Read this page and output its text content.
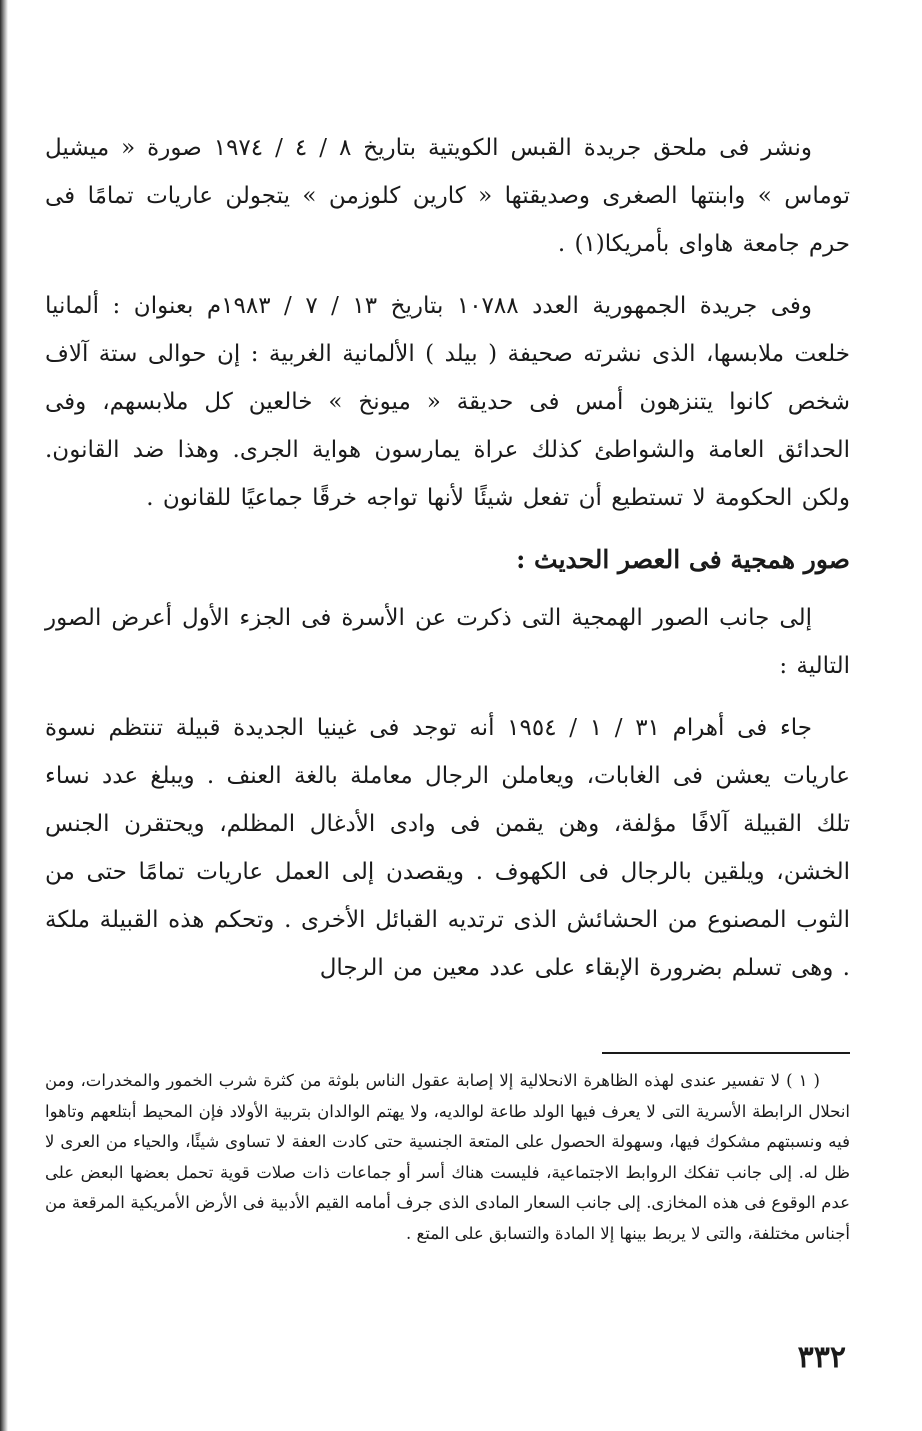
ونشر فى ملحق جريدة القبس الكويتية بتاريخ ٨ / ٤ / ١٩٧٤ صورة « ميشيل توماس » وابنتها الصغرى وصديقتها « كارين كلوزمن » يتجولن عاريات تمامًا فى حرم جامعة هاواى بأمريكا(١) .

وفى جريدة الجمهورية العدد ١٠٧٨٨ بتاريخ ١٣ / ٧ / ١٩٨٣م بعنوان : ألمانيا خلعت ملابسها، الذى نشرته صحيفة ( بيلد ) الألمانية الغربية : إن حوالى ستة آلاف شخص كانوا يتنزهون أمس فى حديقة « ميونخ » خالعين كل ملابسهم، وفى الحدائق العامة والشواطئ كذلك عراة يمارسون هواية الجرى. وهذا ضد القانون. ولكن الحكومة لا تستطيع أن تفعل شيئًا لأنها تواجه خرقًا جماعيًا للقانون .

صور همجية فى العصر الحديث :

إلى جانب الصور الهمجية التى ذكرت عن الأسرة فى الجزء الأول أعرض الصور التالية :

جاء فى أهرام ٣١ / ١ / ١٩٥٤ أنه توجد فى غينيا الجديدة قبيلة تنتظم نسوة عاريات يعشن فى الغابات، ويعاملن الرجال معاملة بالغة العنف . ويبلغ عدد نساء تلك القبيلة آلافًا مؤلفة، وهن يقمن فى وادى الأدغال المظلم، ويحتقرن الجنس الخشن، ويلقين بالرجال فى الكهوف . ويقصدن إلى العمل عاريات تمامًا حتى من الثوب المصنوع من الحشائش الذى ترتديه القبائل الأخرى . وتحكم هذه القبيلة ملكة . وهى تسلم بضرورة الإبقاء على عدد معين من الرجال

( ١ ) لا تفسير عندى لهذه الظاهرة الانحلالية إلا إصابة عقول الناس بلوثة من كثرة شرب الخمور والمخدرات، ومن انحلال الرابطة الأسرية التى لا يعرف فيها الولد طاعة لوالديه، ولا يهتم الوالدان بتربية الأولاد فإن المحيط أبتلعهم وتاهوا فيه ونسبتهم مشكوك فيها، وسهولة الحصول على المتعة الجنسية حتى كادت العفة لا تساوى شيئًا، والحياء من العرى لا ظل له. إلى جانب تفكك الروابط الاجتماعية، فليست هناك أسر أو جماعات ذات صلات قوية تحمل بعضها البعض على عدم الوقوع فى هذه المخازى. إلى جانب السعار المادى الذى جرف أمامه القيم الأدبية فى الأرض الأمريكية المرقعة من أجناس مختلفة، والتى لا يربط بينها إلا المادة والتسابق على المتع .

٣٣٢
